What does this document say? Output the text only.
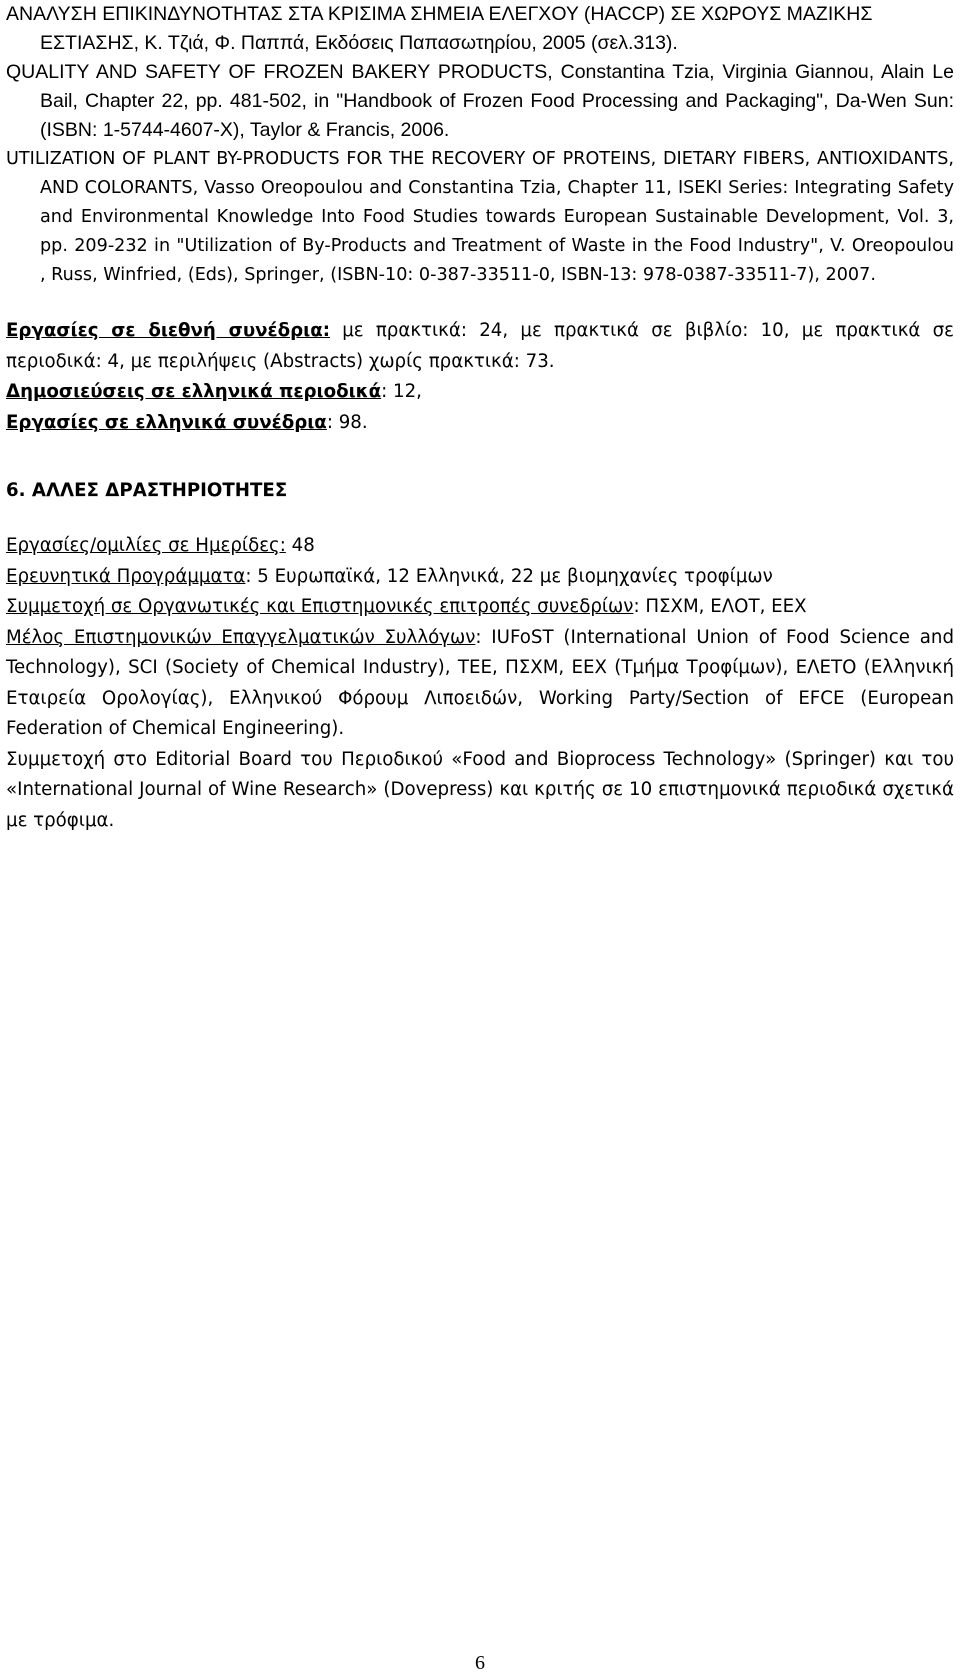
ΑΝΑΛΥΣΗ ΕΠΙΚΙΝΔΥΝΟΤΗΤΑΣ ΣΤΑ ΚΡΙΣΙΜΑ ΣΗΜΕΙΑ ΕΛΕΓΧΟΥ (HACCP) ΣΕ ΧΩΡΟΥΣ ΜΑΖΙΚΗΣ
ΕΣΤΙΑΣΗΣ, Κ. Τζιά, Φ. Παππά, Εκδόσεις Παπασωτηρίου, 2005 (σελ.313).

QUALITY AND SAFETY OF FROZEN BAKERY PRODUCTS, Constantina Tzia, Virginia Giannou, Alain Le Bail, Chapter 22, pp. 481-502, in "Handbook of Frozen Food Processing and Packaging", Da-Wen Sun: (ISBN: 1-5744-4607-X), Taylor & Francis, 2006.

UTILIZATION OF PLANT BY-PRODUCTS FOR THE RECOVERY OF PROTEINS, DIETARY FIBERS, ANTIOXIDANTS, AND COLORANTS, Vasso Oreopoulou and Constantina Tzia, Chapter 11, ISEKI Series: Integrating Safety and Environmental Knowledge Into Food Studies towards European Sustainable Development, Vol. 3, pp. 209-232 in "Utilization of By-Products and Treatment of Waste in the Food Industry", V. Oreopoulou , Russ, Winfried, (Eds), Springer, (ISBN-10: 0-387-33511-0, ISBN-13: 978-0387-33511-7), 2007.

Εργασίες σε διεθνή συνέδρια: με πρακτικά: 24, με πρακτικά σε βιβλίο: 10, με πρακτικά σε περιοδικά: 4, με περιλήψεις (Abstracts) χωρίς πρακτικά: 73.

Δημοσιεύσεις σε ελληνικά περιοδικά: 12,

Εργασίες σε ελληνικά συνέδρια: 98.

6. ΑΛΛΕΣ ΔΡΑΣΤΗΡΙΟΤΗΤΕΣ

Εργασίες/ομιλίες σε Ημερίδες: 48

Ερευνητικά Προγράμματα: 5 Ευρωπαϊκά, 12 Ελληνικά, 22 με βιομηχανίες τροφίμων

Συμμετοχή σε Οργανωτικές και Επιστημονικές επιτροπές συνεδρίων: ΠΣΧΜ, ΕΛΟΤ, ΕΕΧ

Μέλος Επιστημονικών Επαγγελματικών Συλλόγων: IUFoST (International Union of Food Science and Technology), SCI (Society of Chemical Industry), ΤΕΕ, ΠΣΧΜ, ΕΕΧ (Τμήμα Τροφίμων), ΕΛΕΤΟ (Ελληνική Εταιρεία Ορολογίας), Ελληνικού Φόρουμ Λιποειδών, Working Party/Section of EFCE (European Federation of Chemical Engineering).

Συμμετοχή στο Editorial Board του Περιοδικού «Food and Bioprocess Technology» (Springer) και του «International Journal of Wine Research» (Dovepress) και κριτής σε 10 επιστημονικά περιοδικά σχετικά με τρόφιμα.

6
